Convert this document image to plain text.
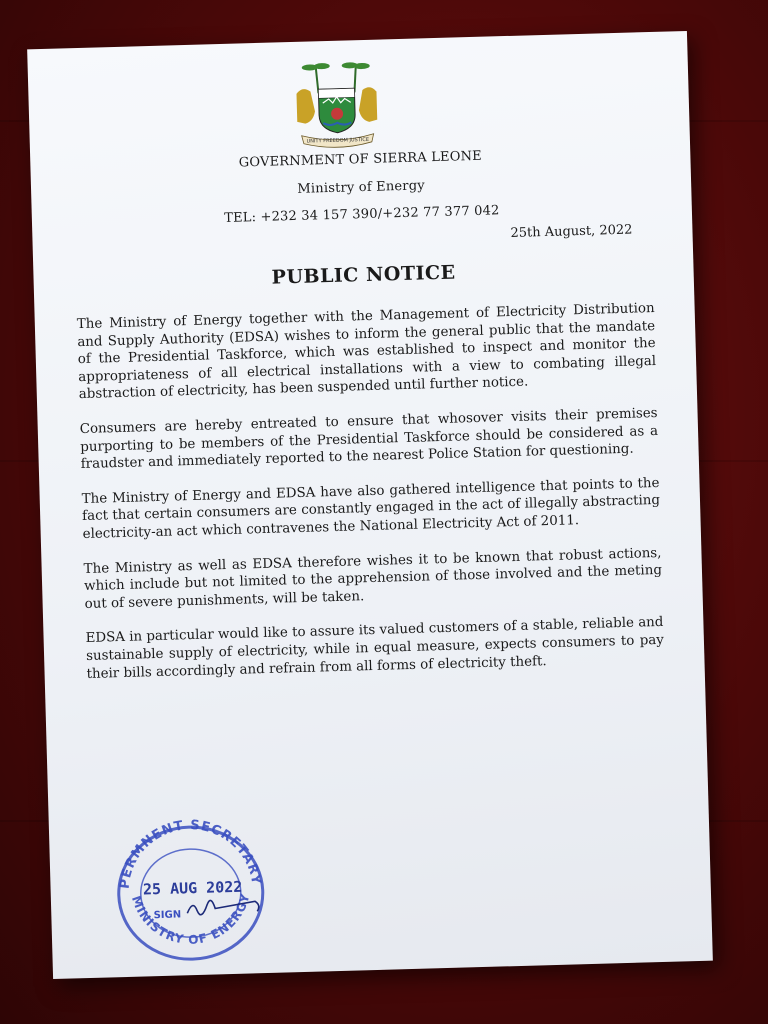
UNITY FREEDOM JUSTICE
GOVERNMENT OF SIERRA LEONE
Ministry of Energy
TEL: +232 34 157 390/+232 77 377 042
25th August, 2022
PUBLIC NOTICE

The Ministry of Energy together with the Management of Electricity Distribution and Supply Authority (EDSA) wishes to inform the general public that the mandate of the Presidential Taskforce, which was established to inspect and monitor the appropriateness of all electrical installations with a view to combating illegal abstraction of electricity, has been suspended until further notice.

Consumers are hereby entreated to ensure that whosover visits their premises purporting to be members of the Presidential Taskforce should be considered as a fraudster and immediately reported to the nearest Police Station for questioning.

The Ministry of Energy and EDSA have also gathered intelligence that points to the fact that certain consumers are constantly engaged in the act of illegally abstracting electricity-an act which contravenes the National Electricity Act of 2011.

The Ministry as well as EDSA therefore wishes it to be known that robust actions, which include but not limited to the apprehension of those involved and the meting out of severe punishments, will be taken.

EDSA in particular would like to assure its valued customers of a stable, reliable and sustainable supply of electricity, while in equal measure, expects consumers to pay their bills accordingly and refrain from all forms of electricity theft.

PERMNENT SECRETARY
MINISTRY OF ENERGY
25 AUG 2022
SIGN
